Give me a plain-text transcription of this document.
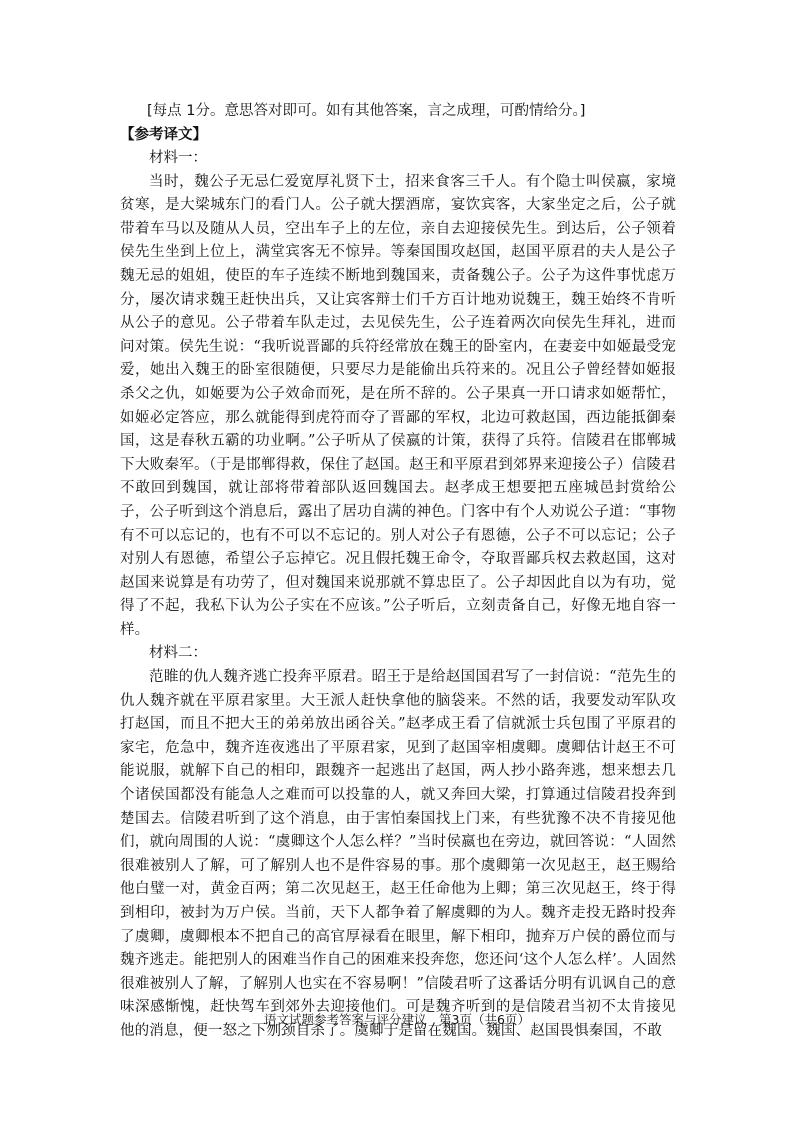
[每点 1分。意思答对即可。如有其他答案，言之成理，可酌情给分。]

【参考译文】

材料一：

当时，魏公子无忌仁爱宽厚礼贤下士，招来食客三千人。有个隐士叫侯嬴，家境贫寒，是大梁城东门的看门人。公子就大摆酒席，宴饮宾客，大家坐定之后，公子就带着车马以及随从人员，空出车子上的左位，亲自去迎接侯先生。到达后，公子领着侯先生坐到上位上，满堂宾客无不惊异。等秦国围攻赵国，赵国平原君的夫人是公子魏无忌的姐姐，使臣的车子连续不断地到魏国来，责备魏公子。公子为这件事忧虑万分，屡次请求魏王赶快出兵，又让宾客辩士们千方百计地劝说魏王，魏王始终不肯听从公子的意见。公子带着车队走过，去见侯先生，公子连着两次向侯先生拜礼，进而问对策。侯先生说：“我听说晋鄙的兵符经常放在魏王的卧室内，在妻妾中如姬最受宠爱，她出入魏王的卧室很随便，只要尽力是能偷出兵符来的。况且公子曾经替如姬报杀父之仇，如姬要为公子效命而死，是在所不辞的。公子果真一开口请求如姬帮忙，如姬必定答应，那么就能得到虎符而夺了晋鄙的军权，北边可救赵国，西边能抵御秦国，这是春秋五霸的功业啊。”公子听从了侯嬴的计策，获得了兵符。信陵君在邯郸城下大败秦军。（于是邯郸得救，保住了赵国。赵王和平原君到郊界来迎接公子）信陵君不敢回到魏国，就让部将带着部队返回魏国去。赵孝成王想要把五座城邑封赏给公子，公子听到这个消息后，露出了居功自满的神色。门客中有个人劝说公子道：“事物有不可以忘记的，也有不可以不忘记的。别人对公子有恩德，公子不可以忘记；公子对别人有恩德，希望公子忘掉它。况且假托魏王命令，夺取晋鄙兵权去救赵国，这对赵国来说算是有功劳了，但对魏国来说那就不算忠臣了。公子却因此自以为有功，觉得了不起，我私下认为公子实在不应该。”公子听后，立刻责备自己，好像无地自容一样。

材料二：

范睢的仇人魏齐逃亡投奔平原君。昭王于是给赵国国君写了一封信说：“范先生的仇人魏齐就在平原君家里。大王派人赶快拿他的脑袋来。不然的话，我要发动军队攻打赵国，而且不把大王的弟弟放出函谷关。”赵孝成王看了信就派士兵包围了平原君的家宅，危急中，魏齐连夜逃出了平原君家，见到了赵国宰相虞卿。虞卿估计赵王不可能说服，就解下自己的相印，跟魏齐一起逃出了赵国，两人抄小路奔逃，想来想去几个诸侯国都没有能急人之难而可以投靠的人，就又奔回大梁，打算通过信陵君投奔到楚国去。信陵君听到了这个消息，由于害怕秦国找上门来，有些犹豫不决不肯接见他们，就向周围的人说：“虞卿这个人怎么样？”当时侯嬴也在旁边，就回答说：“人固然很难被别人了解，可了解别人也不是件容易的事。那个虞卿第一次见赵王，赵王赐给他白璧一对，黄金百两；第二次见赵王，赵王任命他为上卿；第三次见赵王，终于得到相印，被封为万户侯。当前，天下人都争着了解虞卿的为人。魏齐走投无路时投奔了虞卿，虞卿根本不把自己的高官厚禄看在眼里，解下相印，抛弃万户侯的爵位而与魏齐逃走。能把别人的困难当作自己的困难来投奔您，您还问‘这个人怎么样’。人固然很难被别人了解，了解别人也实在不容易啊！”信陵君听了这番话分明有讥讽自己的意味深感惭愧，赶快驾车到郊外去迎接他们。可是魏齐听到的是信陵君当初不太肯接见他的消息，便一怒之下刎颈自杀了。虞卿于是留在魏国。魏国、赵国畏惧秦国，不敢

语文试题参考答案与评分建议　第3页（共6页）
